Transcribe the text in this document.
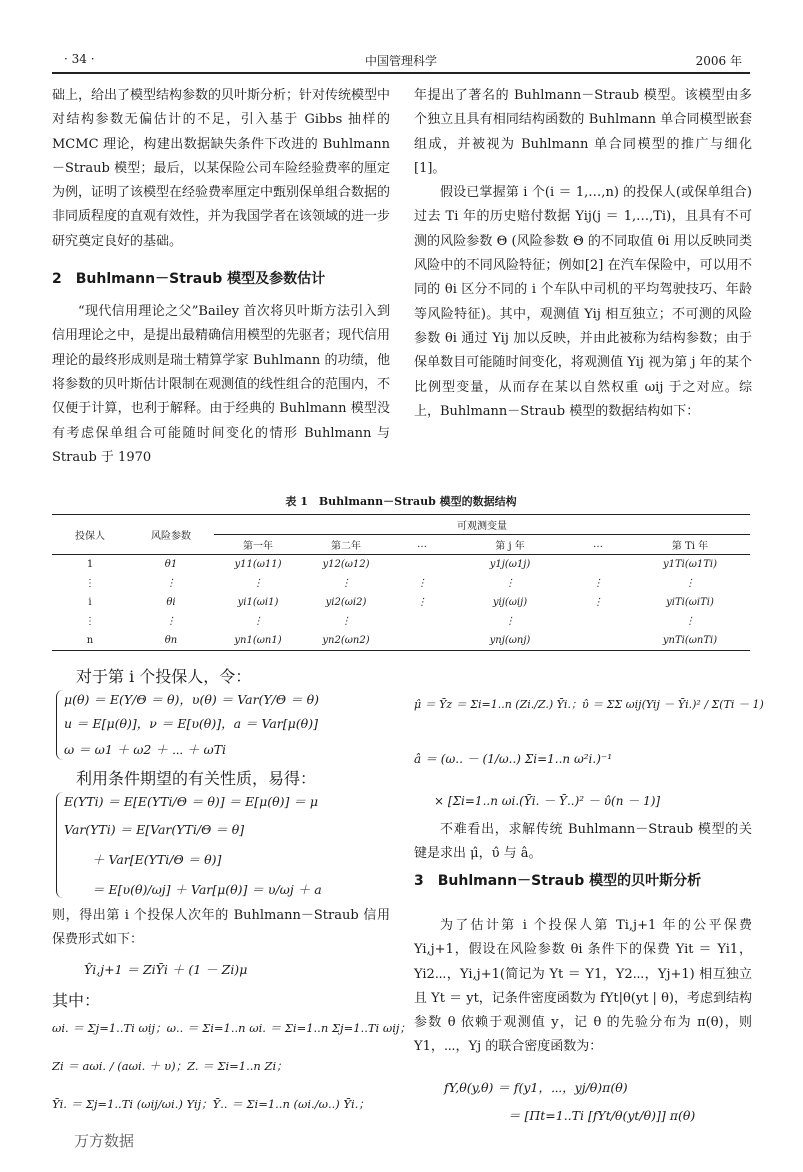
· 34 ·	中国管理科学	2006 年

础上，给出了模型结构参数的贝叶斯分析；针对传统模型中对结构参数无偏估计的不足，引入基于 Gibbs 抽样的 MCMC 理论，构建出数据缺失条件下改进的 Buhlmann－Straub 模型；最后，以某保险公司车险经验费率的厘定为例，证明了该模型在经验费率厘定中甄别保单组合数据的非同质程度的直观有效性，并为我国学者在该领域的进一步研究奠定良好的基础。

2　Buhlmann－Straub 模型及参数估计

“现代信用理论之父”Bailey 首次将贝叶斯方法引入到信用理论之中，是提出最精确信用模型的先驱者；现代信用理论的最终形成则是瑞士精算学家 Buhlmann 的功绩，他将参数的贝叶斯估计限制在观测值的线性组合的范围内，不仅便于计算，也利于解释。由于经典的 Buhlmann 模型没有考虑保单组合可能随时间变化的情形 Buhlmann 与 Straub 于 1970

年提出了著名的 Buhlmann－Straub 模型。该模型由多个独立且具有相同结构函数的 Buhlmann 单合同模型嵌套组成，并被视为 Buhlmann 单合同模型的推广与细化[1]。

假设已掌握第 i 个(i ＝ 1,…,n) 的投保人(或保单组合) 过去 Ti 年的历史赔付数据 Yij(j ＝ 1,…,Ti)，且具有不可测的风险参数 Θ (风险参数 Θ 的不同取值 θi 用以反映同类风险中的不同风险特征；例如[2] 在汽车保险中，可以用不同的 θi 区分不同的 i 个车队中司机的平均驾驶技巧、年龄等风险特征)。其中，观测值 Yij 相互独立；不可测的风险参数 θi 通过 Yij 加以反映，并由此被称为结构参数；由于保单数目可能随时间变化，将观测值 Yij 视为第 j 年的某个比例型变量，从而存在某以自然权重 ωij 于之对应。综上，Buhlmann－Straub 模型的数据结构如下：

表 1　Buhlmann－Straub 模型的数据结构
投保人	风险参数	可观测变量					
		第一年	第二年	…	第 j 年	…	第 Ti 年
1	θ1	y11(ω11)	y12(ω12)		y1j(ω1j)		y1Ti(ω1Ti)
⋮	⋮	⋮	⋮	⋮	⋮	⋮	⋮
i	θi	yi1(ωi1)	yi2(ωi2)	⋮	yij(ωij)	⋮	yiTi(ωiTi)
⋮	⋮	⋮	⋮		⋮		⋮
n	θn	yn1(ωn1)	yn2(ωn2)		ynj(ωnj)		ynTi(ωnTi)
对于第 i 个投保人，令：
μ(θ) ＝ E(Y/Θ ＝ θ)，υ(θ) ＝ Var(Y/Θ ＝ θ)
u ＝ E[μ(θ)]，ν ＝ E[υ(θ)]，a ＝ Var[μ(θ)]
ω ＝ ω1 ＋ ω2 ＋ ⋯ ＋ ωTi
利用条件期望的有关性质，易得：
E(YTi) ＝ E[E(YTi/Θ ＝ θ)] ＝ E[μ(θ)] ＝ μ
Var(YTi) ＝ E[Var(YTi/Θ ＝ θ]
＋ Var[E(YTi/Θ ＝ θ)]
＝ E[υ(θ)/ωj] ＋ Var[μ(θ)] ＝ υ/ωj ＋ a
则，得出第 i 个投保人次年的 Buhlmann－Straub 信用保费形式如下：
Ŷi,j+1 ＝ ZiȲi ＋ (1 － Zi)μ
其中：
ωi. ＝ Σj=1..Ti ωij；ω.. ＝ Σi=1..n ωi. ＝ Σi=1..n Σj=1..Ti ωij；
Zi ＝ aωi. / (aωi. ＋ υ)；Z. ＝ Σi=1..n Zi；
Ȳi. ＝ Σj=1..Ti (ωij/ωi.) Yij；Ȳ.. ＝ Σi=1..n (ωi./ω..) Ȳi.；
μ̂ ＝ Ȳz ＝ Σi=1..n (Zi./Z.) Ȳi.；υ̂ ＝ ΣΣ ωij(Yij － Ȳi.)² / Σ(Ti － 1)
â ＝ (ω.. － (1/ω..) Σi=1..n ω²i.)⁻¹
× [Σi=1..n ωi.(Ȳi. － Ȳ..)² － υ̂(n － 1)]
不难看出，求解传统 Buhlmann－Straub 模型的关键是求出 μ̂，υ̂ 与 â。
3　Buhlmann－Straub 模型的贝叶斯分析
为了估计第 i 个投保人第 Ti,j+1 年的公平保费 Yi,j+1，假设在风险参数 θi 条件下的保费 Yit ＝ Yi1，Yi2⋯，Yi,j+1(简记为 Yt ＝ Y1，Y2⋯，Yj+1) 相互独立且 Yt ＝ yt，记条件密度函数为 fYt|θ(yt | θ)，考虑到结构参数 θ 依赖于观测值 y，记 θ 的先验分布为 π(θ)，则 Y1，⋯，Yj 的联合密度函数为：
fY,θ(y,θ) ＝ f(y1，⋯，yj/θ)π(θ)
＝ [Πt=1..Ti [fYt/θ(yt/θ)]] π(θ)
万方数据
